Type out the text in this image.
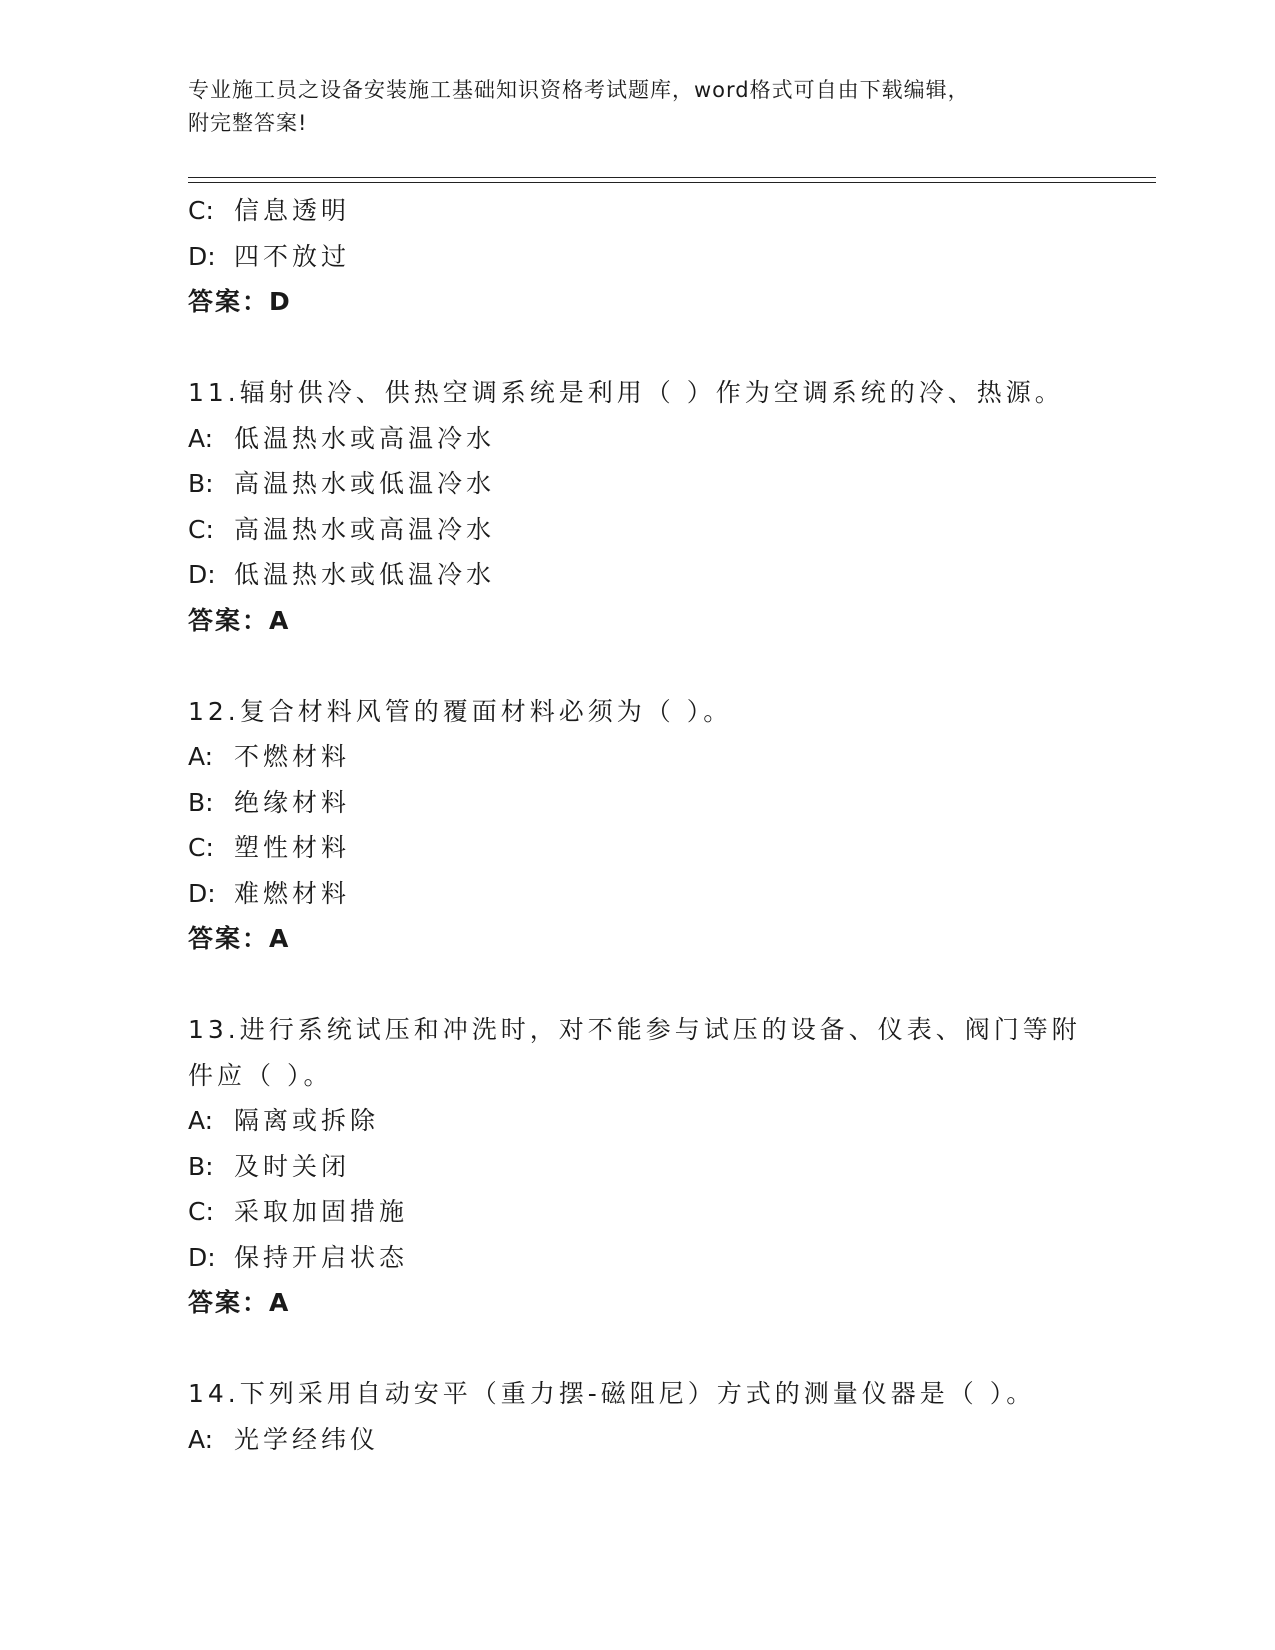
专业施工员之设备安装施工基础知识资格考试题库，word格式可自由下载编辑，
附完整答案!
C: 信息透明
D: 四不放过
答案：D
11.辐射供冷、供热空调系统是利用（ ）作为空调系统的冷、热源。
A: 低温热水或高温冷水
B: 高温热水或低温冷水
C: 高温热水或高温冷水
D: 低温热水或低温冷水
答案：A
12.复合材料风管的覆面材料必须为（ ）。
A: 不燃材料
B: 绝缘材料
C: 塑性材料
D: 难燃材料
答案：A
13.进行系统试压和冲洗时，对不能参与试压的设备、仪表、阀门等附
件应（ ）。
A: 隔离或拆除
B: 及时关闭
C: 采取加固措施
D: 保持开启状态
答案：A
14.下列采用自动安平（重力摆-磁阻尼）方式的测量仪器是（ ）。
A: 光学经纬仪
